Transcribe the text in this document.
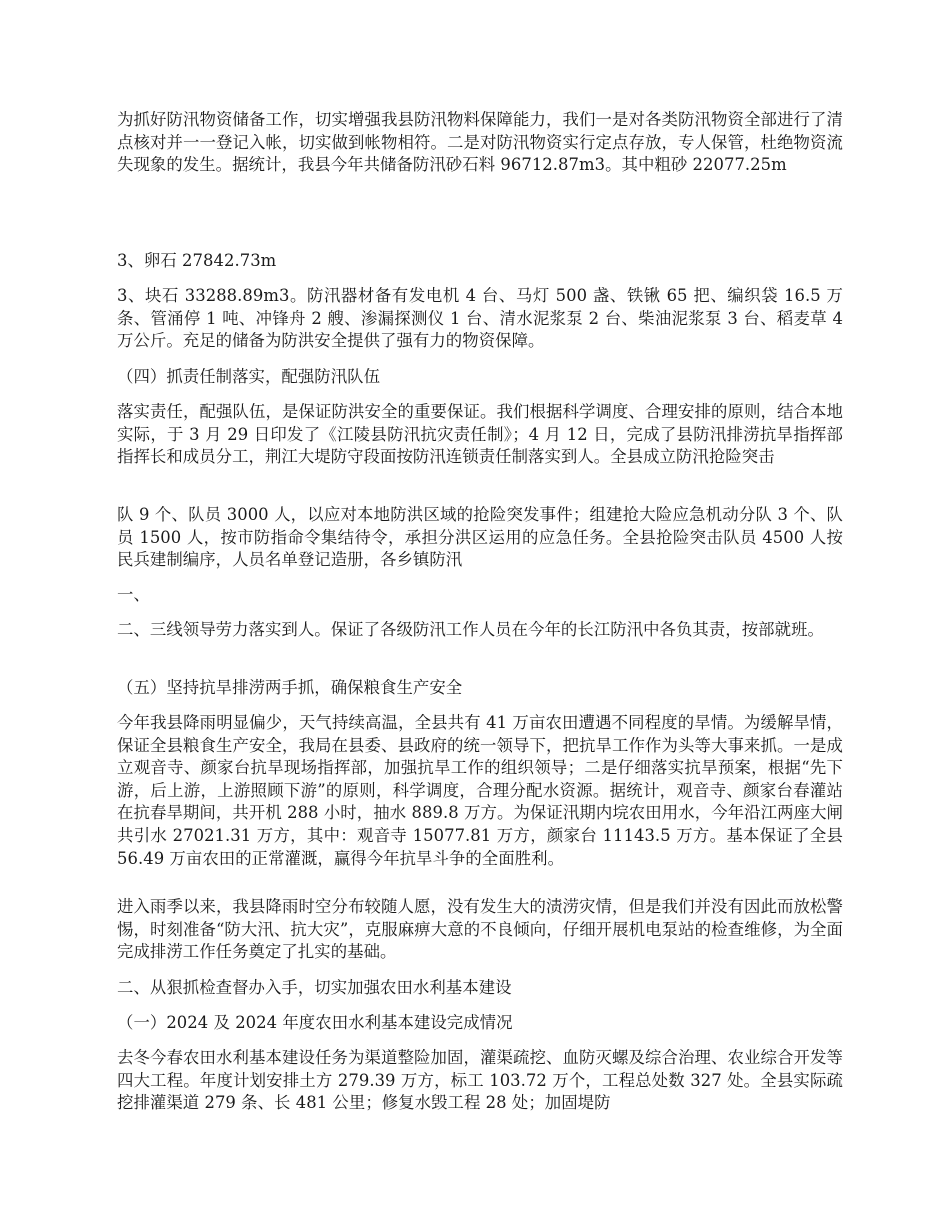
为抓好防汛物资储备工作，切实增强我县防汛物料保障能力，我们一是对各类防汛物资全部进行了清点核对并一一登记入帐，切实做到帐物相符。二是对防汛物资实行定点存放，专人保管，杜绝物资流失现象的发生。据统计，我县今年共储备防汛砂石料 96712.87m3。其中粗砂 22077.25m

3、卵石 27842.73m

3、块石 33288.89m3。防汛器材备有发电机 4 台、马灯 500 盏、铁锹 65 把、编织袋 16.5 万条、管涌停 1 吨、冲锋舟 2 艘、渗漏探测仪 1 台、清水泥浆泵 2 台、柴油泥浆泵 3 台、稻麦草 4 万公斤。充足的储备为防洪安全提供了强有力的物资保障。

（四）抓责任制落实，配强防汛队伍

落实责任，配强队伍，是保证防洪安全的重要保证。我们根据科学调度、合理安排的原则，结合本地实际，于 3 月 29 日印发了《江陵县防汛抗灾责任制》；4 月 12 日，完成了县防汛排涝抗旱指挥部指挥长和成员分工，荆江大堤防守段面按防汛连锁责任制落实到人。全县成立防汛抢险突击

队 9 个、队员 3000 人，以应对本地防洪区域的抢险突发事件；组建抢大险应急机动分队 3 个、队员 1500 人，按市防指命令集结待令，承担分洪区运用的应急任务。全县抢险突击队员 4500 人按民兵建制编序，人员名单登记造册，各乡镇防汛

一、

二、三线领导劳力落实到人。保证了各级防汛工作人员在今年的长江防汛中各负其责，按部就班。

（五）坚持抗旱排涝两手抓，确保粮食生产安全

今年我县降雨明显偏少，天气持续高温，全县共有 41 万亩农田遭遇不同程度的旱情。为缓解旱情，保证全县粮食生产安全，我局在县委、县政府的统一领导下，把抗旱工作作为头等大事来抓。一是成立观音寺、颜家台抗旱现场指挥部，加强抗旱工作的组织领导；二是仔细落实抗旱预案，根据“先下游，后上游，上游照顾下游”的原则，科学调度，合理分配水资源。据统计，观音寺、颜家台春灌站在抗春旱期间，共开机 288 小时，抽水 889.8 万方。为保证汛期内垸农田用水，今年沿江两座大闸共引水 27021.31 万方，其中：观音寺 15077.81 万方，颜家台 11143.5 万方。基本保证了全县 56.49 万亩农田的正常灌溉，赢得今年抗旱斗争的全面胜利。

进入雨季以来，我县降雨时空分布较随人愿，没有发生大的渍涝灾情，但是我们并没有因此而放松警惕，时刻准备“防大汛、抗大灾”，克服麻痹大意的不良倾向，仔细开展机电泵站的检查维修，为全面完成排涝工作任务奠定了扎实的基础。

二、从狠抓检查督办入手，切实加强农田水利基本建设

（一）2024 及 2024 年度农田水利基本建设完成情况

去冬今春农田水利基本建设任务为渠道整险加固，灌渠疏挖、血防灭螺及综合治理、农业综合开发等四大工程。年度计划安排土方 279.39 万方，标工 103.72 万个，工程总处数 327 处。全县实际疏挖排灌渠道 279 条、长 481 公里；修复水毁工程 28 处；加固堤防
